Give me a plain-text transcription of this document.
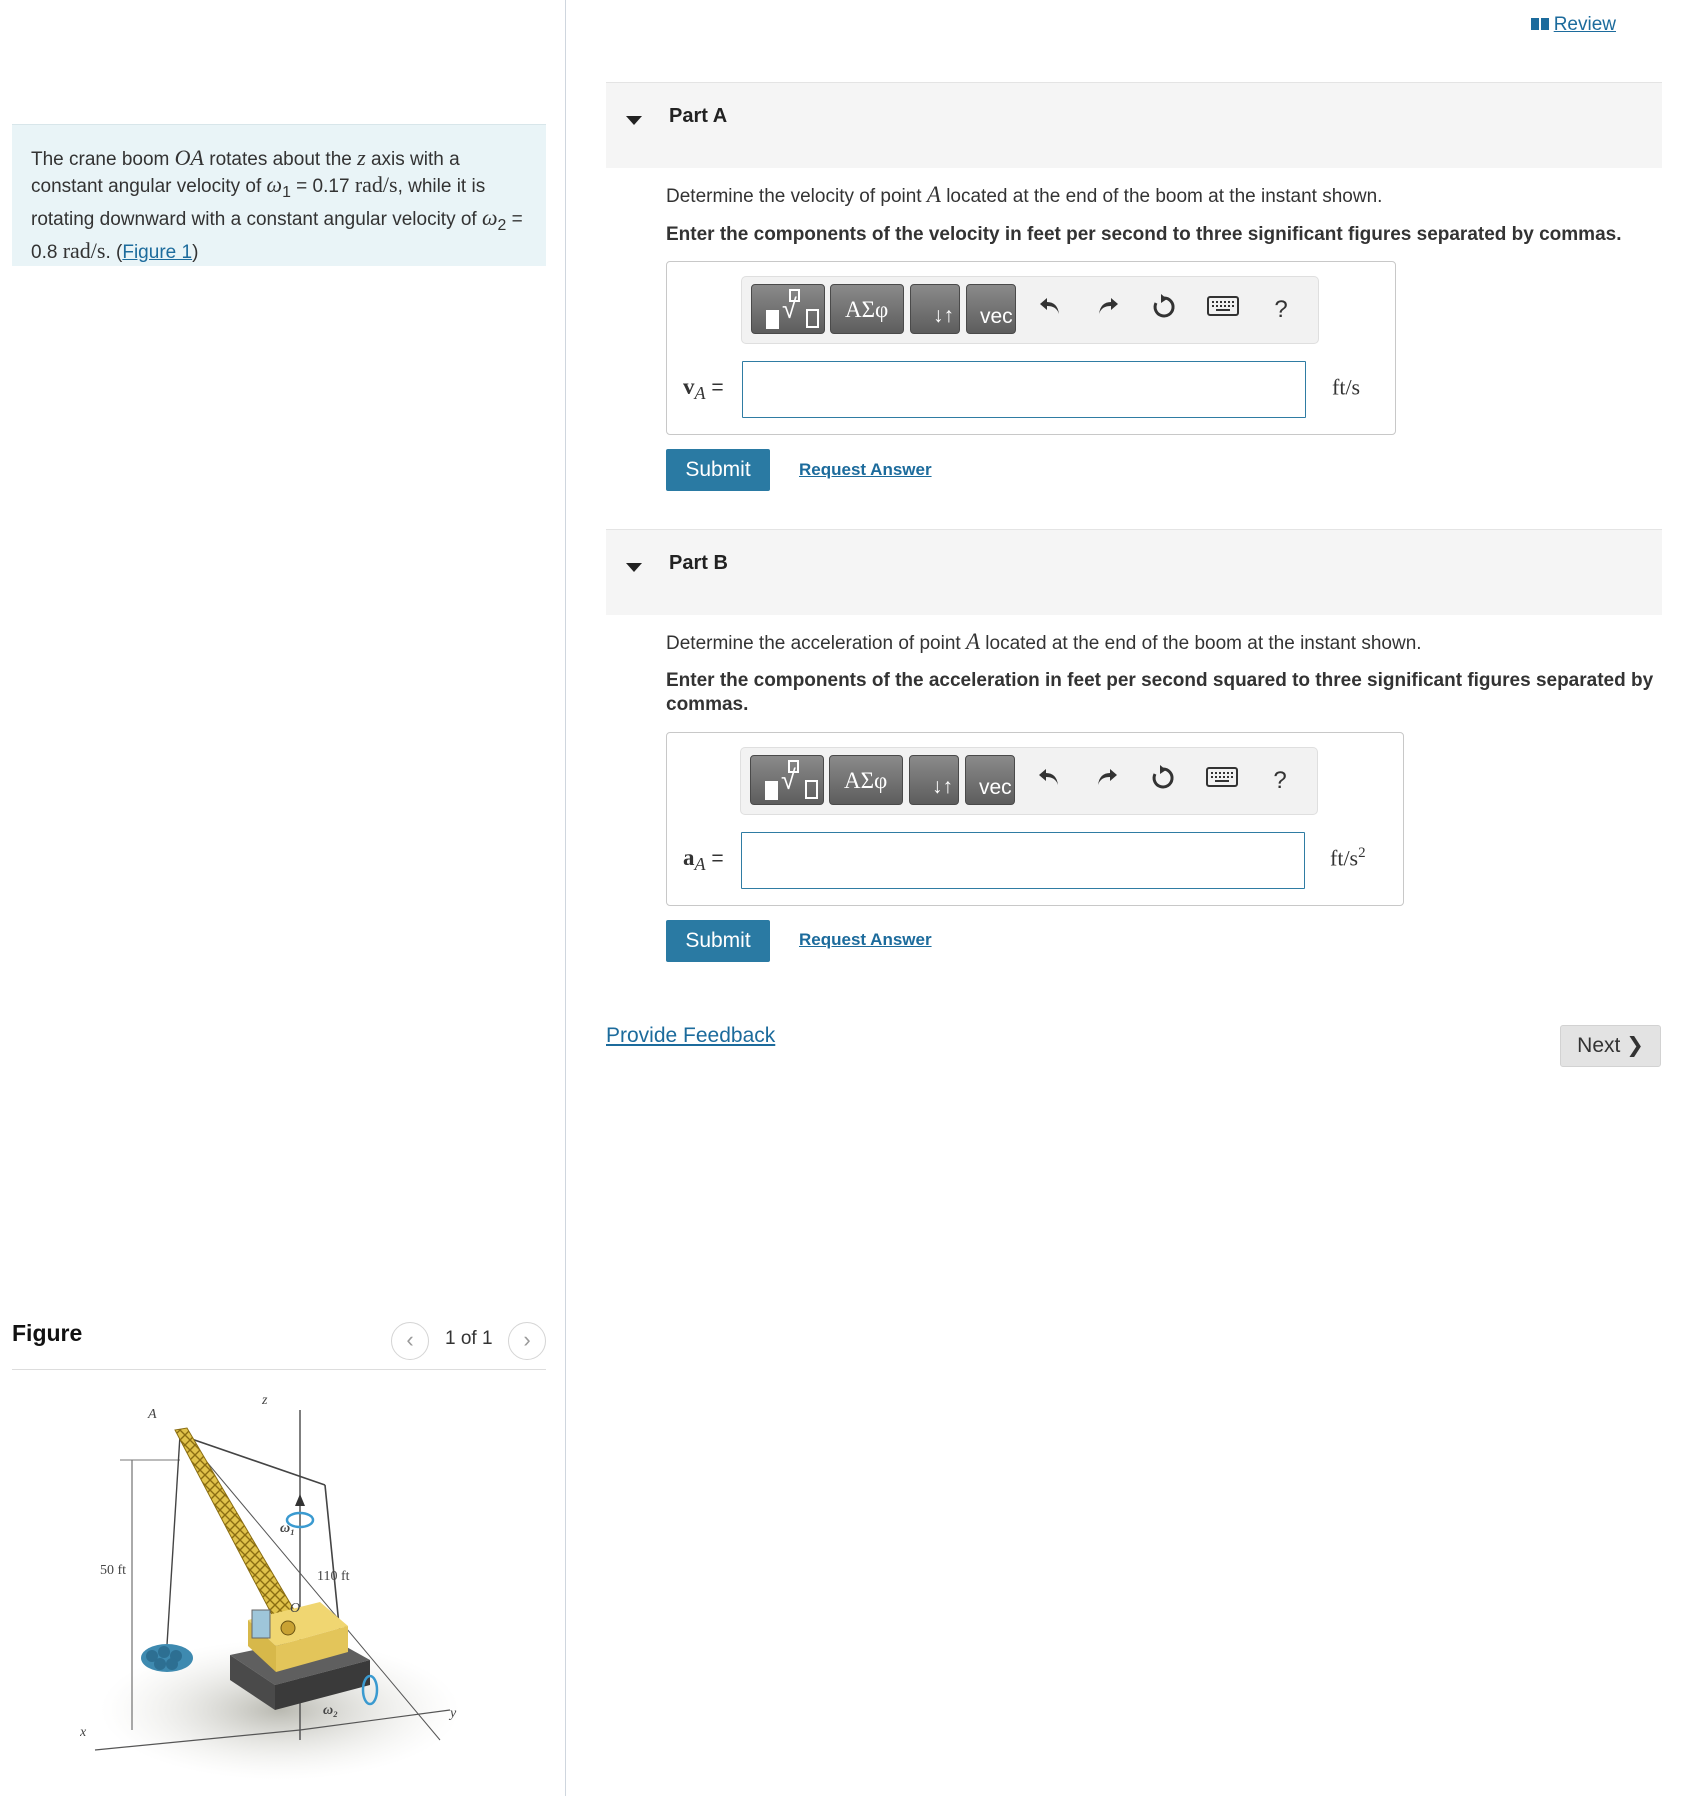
The crane boom OA rotates about the z axis with a constant angular velocity of $\omega_1 = 0.17$ rad/s, while it is rotating downward with a constant angular velocity of $\omega_2 = 0.8$ rad/s. (Figure 1)
Figure	‹	1 of 1	›
A
z
ω₁
50 ft	110 ft
O
ω₂
x
y
Review
Part A
Determine the velocity of point A located at the end of the boom at the instant shown.
Enter the components of the velocity in feet per second to three significant figures separated by commas.
√ ΑΣφ ↓↑ vec	?
vA =	ft/s
Submit	Request Answer
Part B
Determine the acceleration of point A located at the end of the boom at the instant shown.
Enter the components of the acceleration in feet per second squared to three significant figures separated by commas.
√ ΑΣφ ↓↑ vec	?
aA =	$ft/s^2$
Submit	Request Answer
Provide Feedback	Next ❯
